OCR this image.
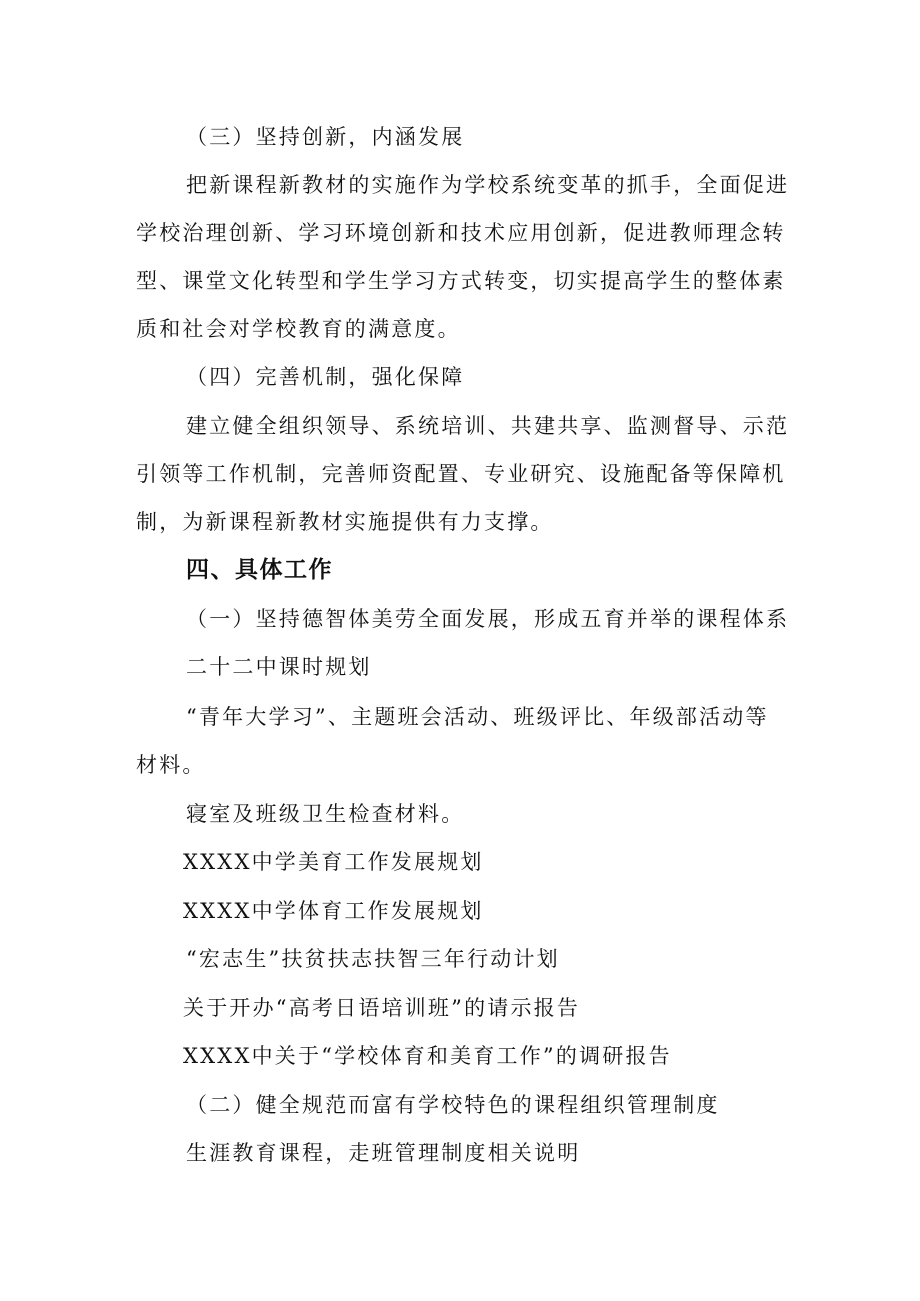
（三）坚持创新，内涵发展
把新课程新教材的实施作为学校系统变革的抓手，全面促进
学校治理创新、学习环境创新和技术应用创新，促进教师理念转
型、课堂文化转型和学生学习方式转变，切实提高学生的整体素
质和社会对学校教育的满意度。
（四）完善机制，强化保障
建立健全组织领导、系统培训、共建共享、监测督导、示范
引领等工作机制，完善师资配置、专业研究、设施配备等保障机
制，为新课程新教材实施提供有力支撑。
四、具体工作
（一）坚持德智体美劳全面发展，形成五育并举的课程体系
二十二中课时规划
“青年大学习”、主题班会活动、班级评比、年级部活动等
材料。
寝室及班级卫生检查材料。
XXXX中学美育工作发展规划
XXXX中学体育工作发展规划
“宏志生”扶贫扶志扶智三年行动计划
关于开办“高考日语培训班”的请示报告
XXXX中关于“学校体育和美育工作”的调研报告
（二）健全规范而富有学校特色的课程组织管理制度
生涯教育课程，走班管理制度相关说明
